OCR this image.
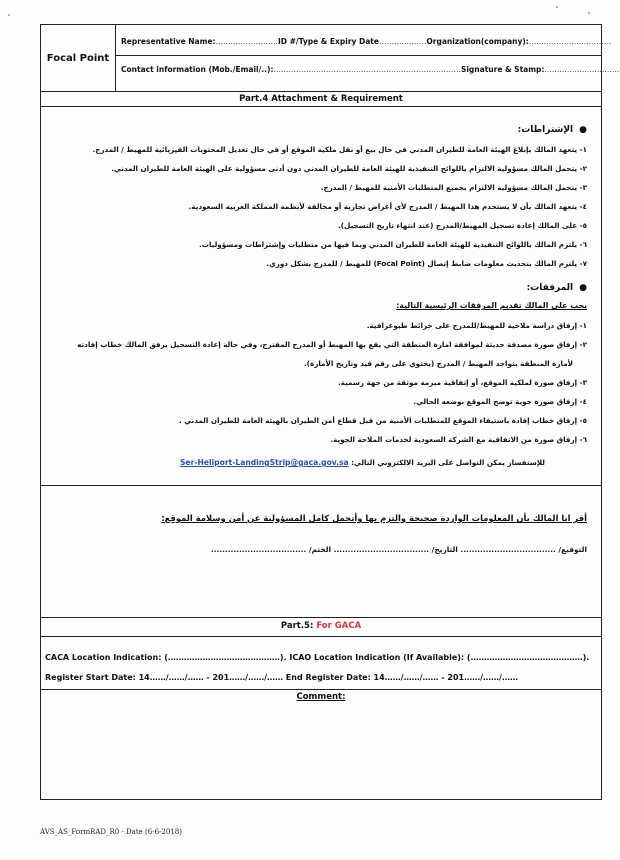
Focal Point
Representative Name: ……………………. ID #/Type & Expiry Date ………………. Organization(company): ……………………………
Contact information (Mob./Email/..): ………………………………………………………………… Signature & Stamp: …………………………
Part.4 Attachment & Requirement
●الإشتراطات:
١- يتعهد المالك بإبلاغ الهيئة العامة للطيران المدني في حال بيع أو نقل ملكية الموقع أو في حال تعديل المحتويات الفيزيائية للمهبط / المدرج.
٢- يتحمل المالك مسؤولية الالتزام باللوائح التنفيذية للهيئة العامة للطيران المدني دون أدنى مسؤولية على الهيئة العامة للطيران المدني.
٣- يتحمل المالك مسؤولية الالتزام بجميع المتطلبات الأمنية للمهبط / المدرج.
٤- يتعهد المالك بأن لا يستخدم هذا المهبط / المدرج لأي أغراض تجارية أو مخالفة لأنظمة المملكة العربية السعودية.
٥- على المالك إعادة تسجيل المهبط/المدرج (عند انتهاء تاريخ التسجيل).
٦- يلتزم المالك باللوائح التنفيذية للهيئة العامة للطيران المدني وبما فيها من متطلبات وإشتراطات ومسؤوليات.
٧- يلتزم المالك بتحديث معلومات ضابط إتصال (Focal Point) للمهبط / للمدرج بشكل دوري.
●المرفقات:
يجب على المالك تقديم المرفقات الرئيسية التالية:
١- إرفاق دراسة ملاحية للمهبط/للمدرج على خرائط طبوغرافية.
٢- إرفاق صورة مصدقة حديثة لموافقة امارة المنطقة التي يقع بها المهبط أو المدرج المقترح، وفي حالة إعادة التسجيل يرفق المالك خطاب إفادته
لأمارة المنطقة بتواجد المهبط / المدرج (يحتوي على رقم قيد وتاريخ الأمارة).
٣- إرفاق صورة لملكية الموقع، أو إتفاقية مبرمة موثقة من جهة رسمية.
٤- إرفاق صورة جوية توضح الموقع بوضعه الحالي.
٥- إرفاق خطاب إفادة باستيفاء الموقع للمتطلبات الأمنية من قبل قطاع أمن الطيران بالهيئة العامة للطيران المدني .
٦- إرفاق صورة من الاتفاقية مع الشركة السعودية لخدمات الملاحة الجوية.
للإستفسار يمكن التواصل على البريد الالكتروني التالي: Ser-Heliport-LandingStrip@gaca.gov.sa
أقر انا المالك بأن المعلومات الواردة صحيحة والتزم بها وأتحمل كامل المسؤولية عن أمن وسلامة الموقع:
التوقيع/ .................................. التاريخ/ .................................. الختم/ ..................................
Part.5: For GACA
CACA Location Indication: (……………………………………). ICAO Location Indication (If Available): (……………………………………).
Register Start Date: 14……/……/…… - 201……/……/…… End Register Date: 14……/……/…… - 201……/……/……
Comment:
AVS_AS_FormRAD_R0 - Date (6-6-2018)
